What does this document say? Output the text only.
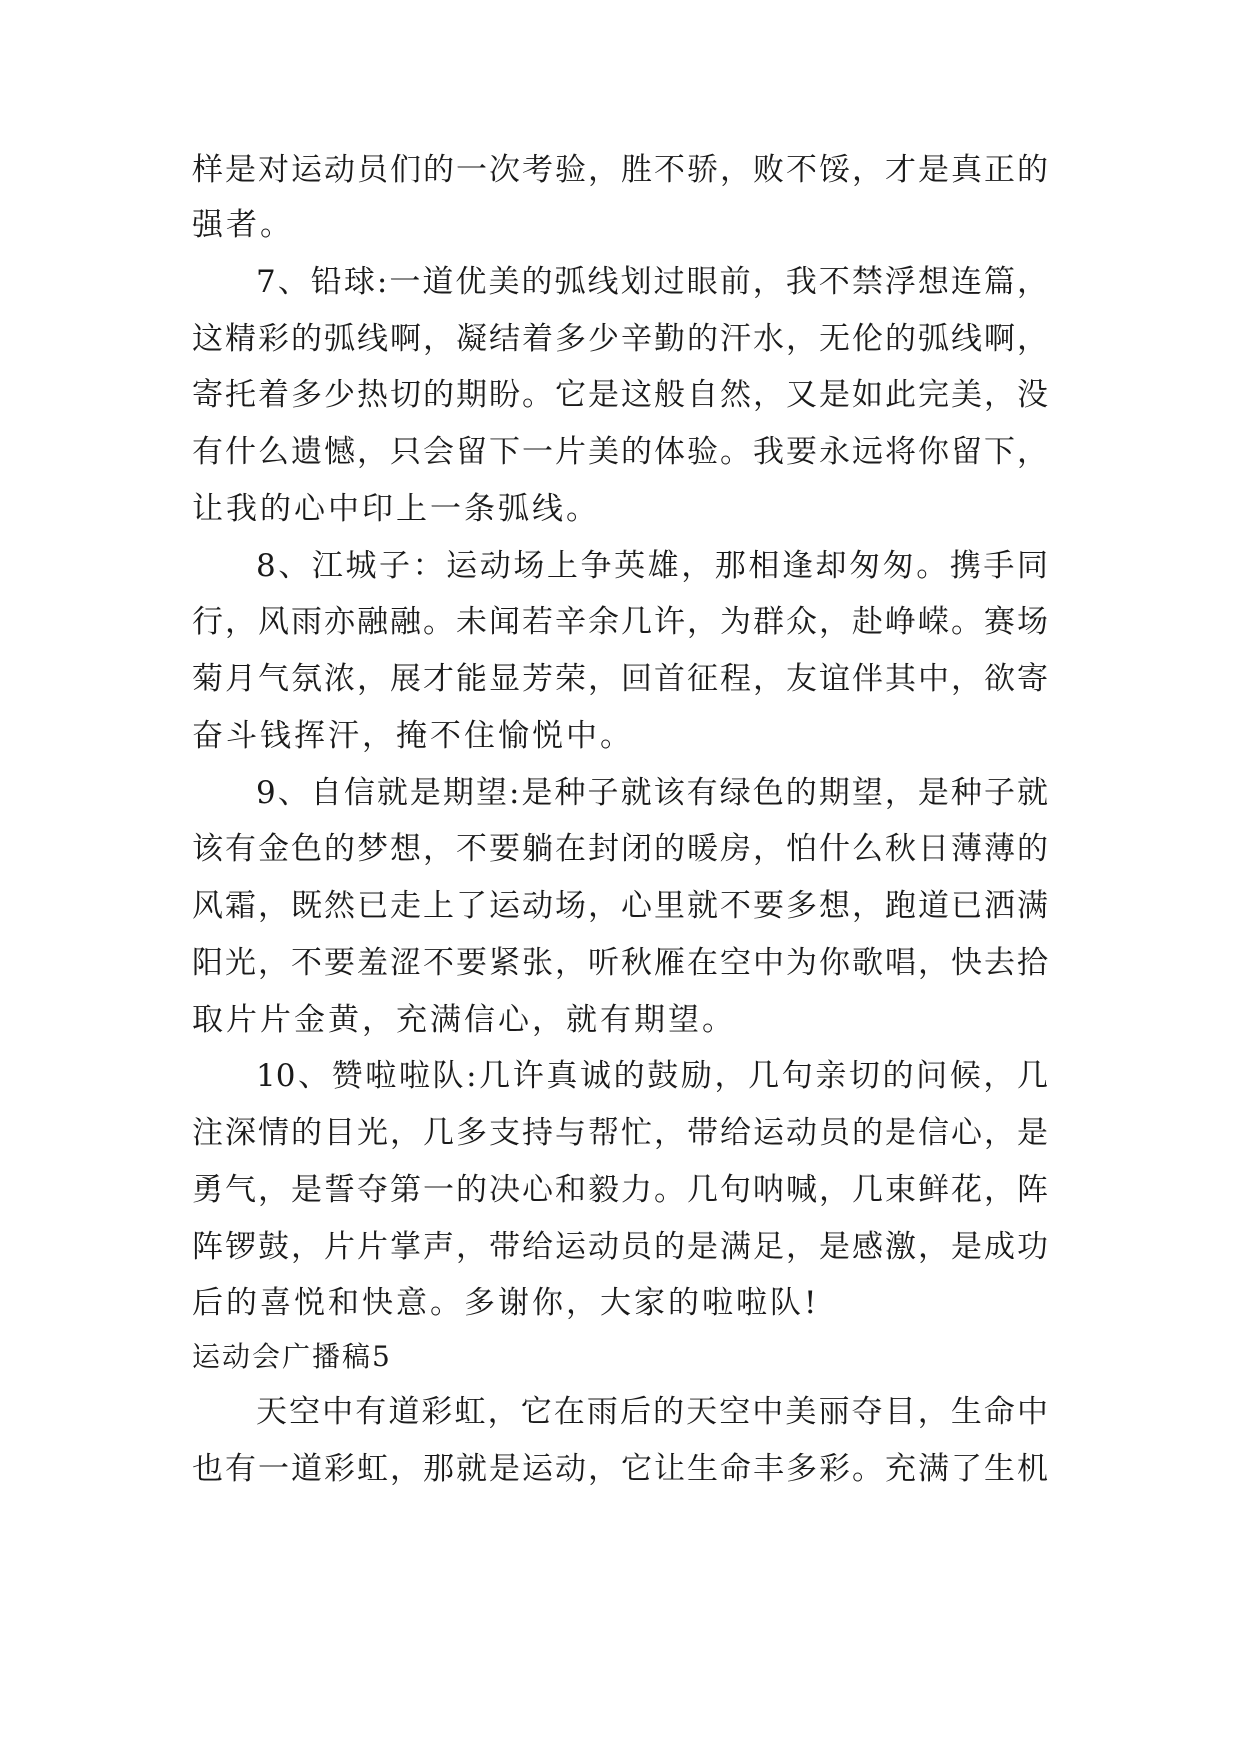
样是对运动员们的一次考验，胜不骄，败不馁，才是真正的
强者。
7、铅球:一道优美的弧线划过眼前，我不禁浮想连篇，
这精彩的弧线啊，凝结着多少辛勤的汗水，无伦的弧线啊，
寄托着多少热切的期盼。它是这般自然，又是如此完美，没
有什么遗憾，只会留下一片美的体验。我要永远将你留下，
让我的心中印上一条弧线。
8、江城子：运动场上争英雄，那相逢却匆匆。携手同
行，风雨亦融融。未闻若辛余几许，为群众，赴峥嵘。赛场
菊月气氛浓，展才能显芳荣，回首征程，友谊伴其中，欲寄
奋斗钱挥汗，掩不住愉悦中。
9、自信就是期望:是种子就该有绿色的期望，是种子就
该有金色的梦想，不要躺在封闭的暖房，怕什么秋日薄薄的
风霜，既然已走上了运动场，心里就不要多想，跑道已洒满
阳光，不要羞涩不要紧张，听秋雁在空中为你歌唱，快去拾
取片片金黄，充满信心，就有期望。
10、赞啦啦队:几许真诚的鼓励，几句亲切的问候，几
注深情的目光，几多支持与帮忙，带给运动员的是信心，是
勇气，是誓夺第一的决心和毅力。几句呐喊，几束鲜花，阵
阵锣鼓，片片掌声，带给运动员的是满足，是感激，是成功
后的喜悦和快意。多谢你，大家的啦啦队!
运动会广播稿5
天空中有道彩虹，它在雨后的天空中美丽夺目，生命中
也有一道彩虹，那就是运动，它让生命丰多彩。充满了生机
